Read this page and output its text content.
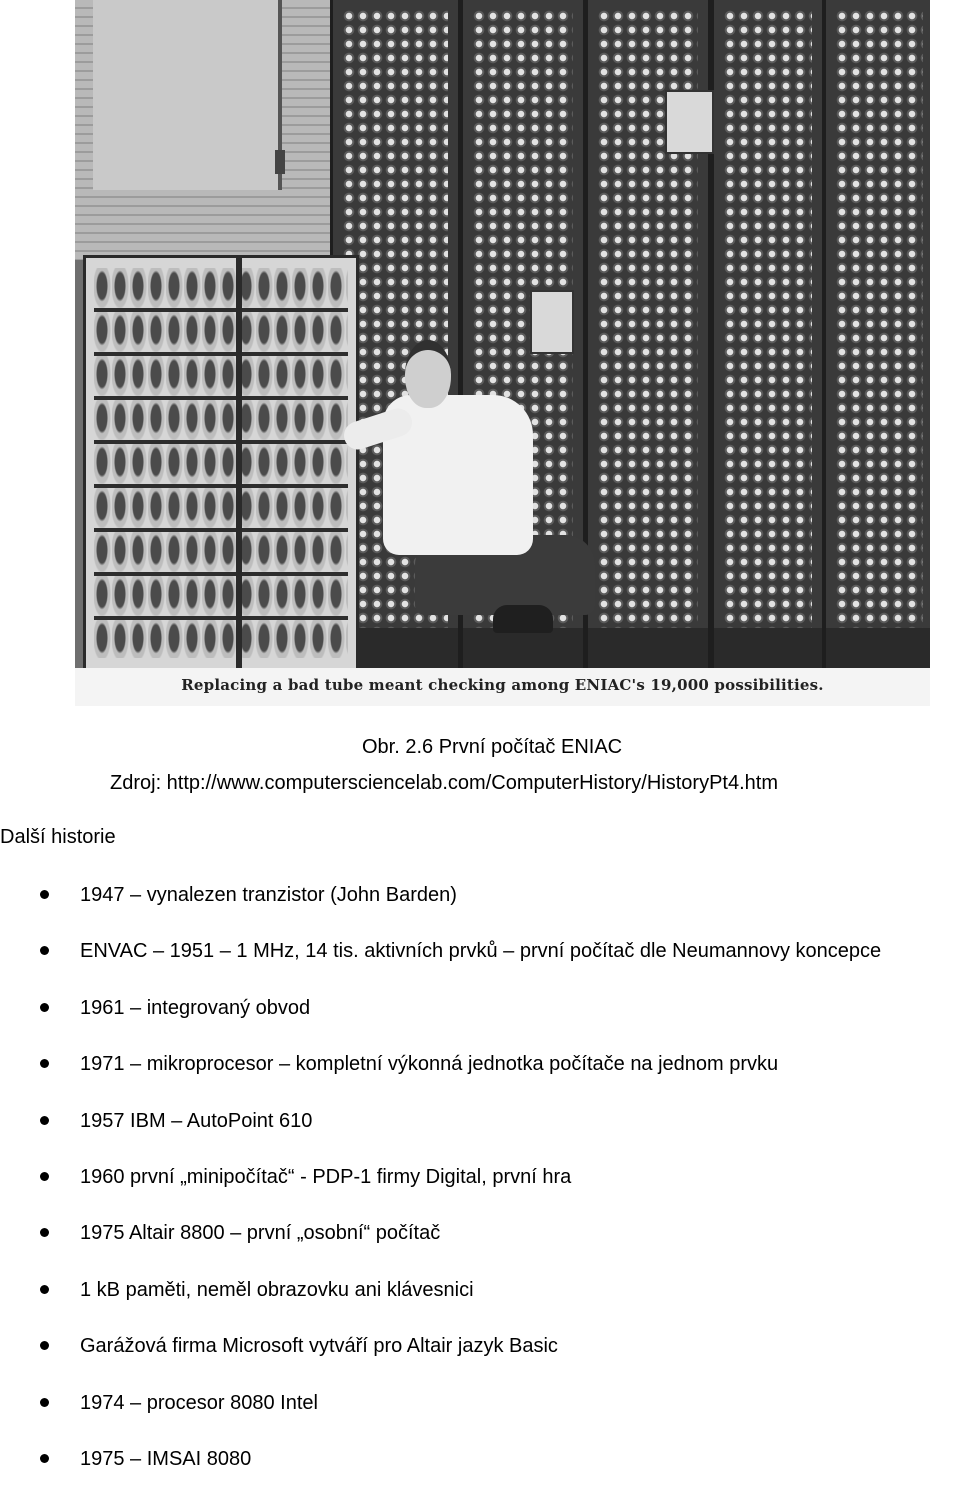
Replacing a bad tube meant checking among ENIAC's 19,000 possibilities.
Obr. 2.6 První počítač ENIAC
Zdroj: http://www.computersciencelab.com/ComputerHistory/HistoryPt4.htm
Další historie
1947 – vynalezen tranzistor (John Barden)
ENVAC – 1951 – 1 MHz, 14 tis. aktivních prvků – první počítač dle Neumannovy koncepce
1961 – integrovaný obvod
1971 – mikroprocesor – kompletní výkonná jednotka počítače na jednom prvku
1957 IBM – AutoPoint 610
1960 první „minipočítač“ - PDP-1 firmy Digital, první hra
1975 Altair 8800 – první „osobní“ počítač
1 kB paměti, neměl obrazovku ani klávesnici
Garážová firma Microsoft vytváří pro Altair jazyk Basic
1974 – procesor 8080 Intel
1975 – IMSAI 8080
